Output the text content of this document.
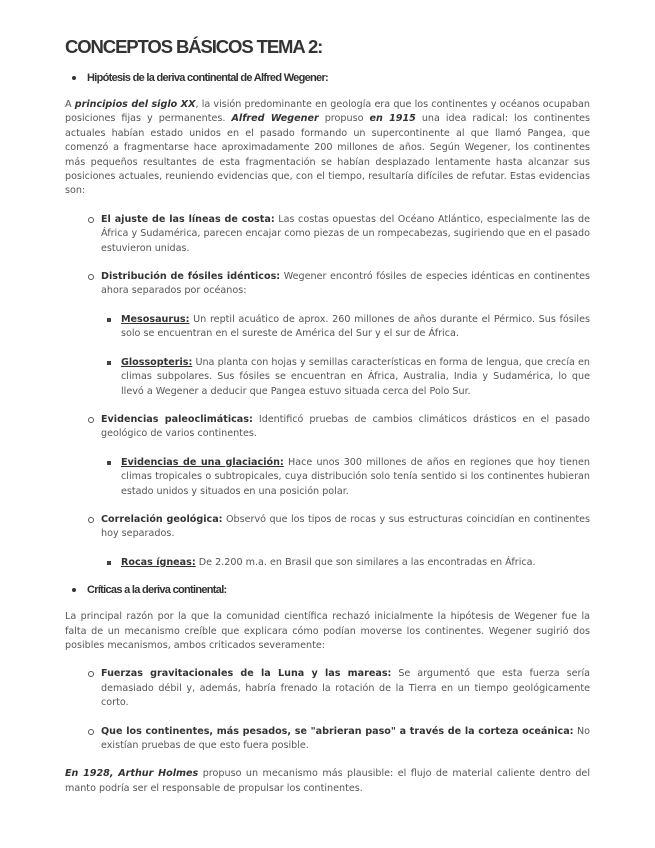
CONCEPTOS BÁSICOS TEMA 2:
Hipótesis de la deriva continental de Alfred Wegener:

A principios del siglo XX, la visión predominante en geología era que los continentes y océanos ocupaban posiciones fijas y permanentes. Alfred Wegener propuso en 1915 una idea radical: los continentes actuales habían estado unidos en el pasado formando un supercontinente al que llamó Pangea, que comenzó a fragmentarse hace aproximadamente 200 millones de años. Según Wegener, los continentes más pequeños resultantes de esta fragmentación se habían desplazado lentamente hasta alcanzar sus posiciones actuales, reuniendo evidencias que, con el tiempo, resultaría difíciles de refutar. Estas evidencias son:

El ajuste de las líneas de costa: Las costas opuestas del Océano Atlántico, especialmente las de África y Sudamérica, parecen encajar como piezas de un rompecabezas, sugiriendo que en el pasado estuvieron unidas.
Distribución de fósiles idénticos: Wegener encontró fósiles de especies idénticas en continentes ahora separados por océanos:
Mesosaurus: Un reptil acuático de aprox. 260 millones de años durante el Pérmico. Sus fósiles solo se encuentran en el sureste de América del Sur y el sur de África.
Glossopteris: Una planta con hojas y semillas características en forma de lengua, que crecía en climas subpolares. Sus fósiles se encuentran en África, Australia, India y Sudamérica, lo que llevó a Wegener a deducir que Pangea estuvo situada cerca del Polo Sur.
Evidencias paleoclimáticas: Identificó pruebas de cambios climáticos drásticos en el pasado geológico de varios continentes.
Evidencias de una glaciación: Hace unos 300 millones de años en regiones que hoy tienen climas tropicales o subtropicales, cuya distribución solo tenía sentido si los continentes hubieran estado unidos y situados en una posición polar.
Correlación geológica: Observó que los tipos de rocas y sus estructuras coincidían en continentes hoy separados.
Rocas ígneas: De 2.200 m.a. en Brasil que son similares a las encontradas en África.
Críticas a la deriva continental:

La principal razón por la que la comunidad científica rechazó inicialmente la hipótesis de Wegener fue la falta de un mecanismo creíble que explicara cómo podían moverse los continentes. Wegener sugirió dos posibles mecanismos, ambos criticados severamente:

Fuerzas gravitacionales de la Luna y las mareas: Se argumentó que esta fuerza sería demasiado débil y, además, habría frenado la rotación de la Tierra en un tiempo geológicamente corto.
Que los continentes, más pesados, se "abrieran paso" a través de la corteza oceánica: No existían pruebas de que esto fuera posible.

En 1928, Arthur Holmes propuso un mecanismo más plausible: el flujo de material caliente dentro del manto podría ser el responsable de propulsar los continentes.
